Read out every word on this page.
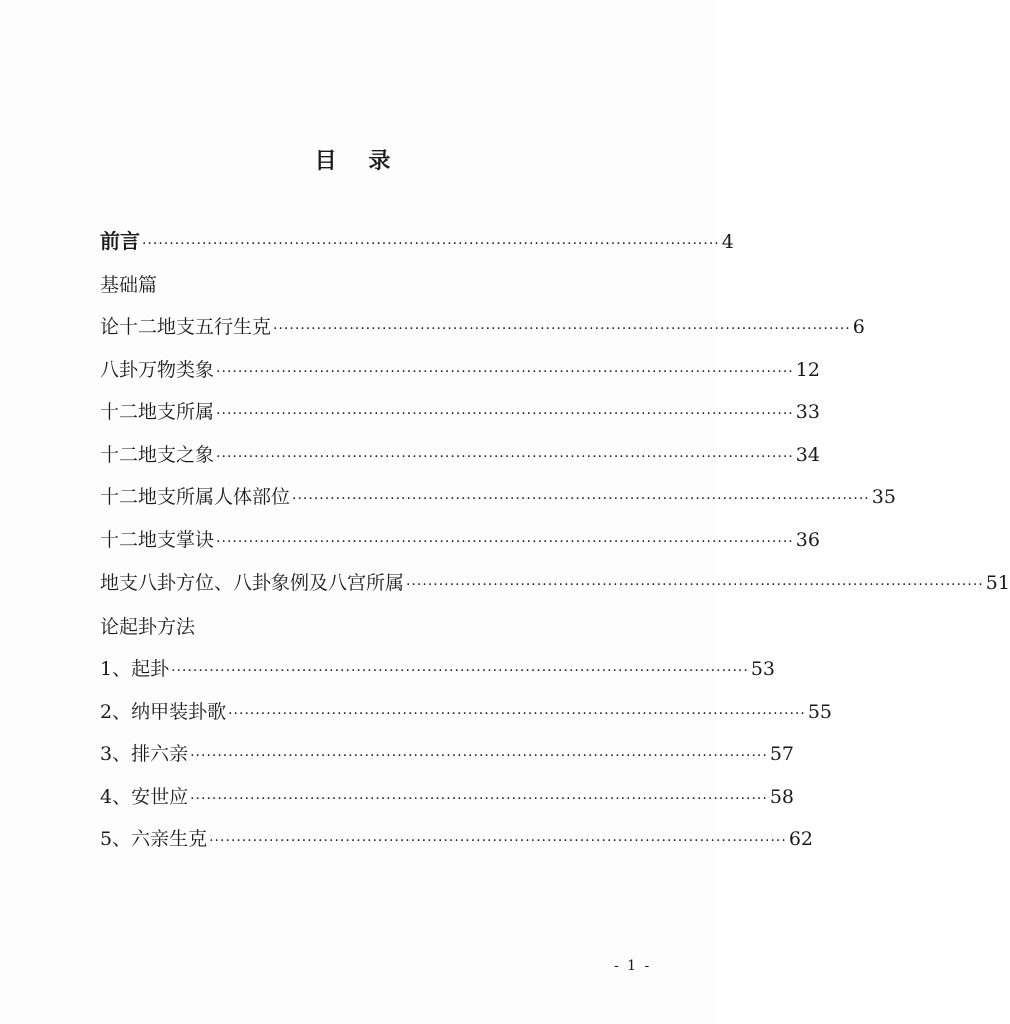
目 录
前言 ·········································································································· 4
基础篇
论十二地支五行生克 ·········································································································· 6
八卦万物类象 ·········································································································· 12
十二地支所属 ·········································································································· 33
十二地支之象 ·········································································································· 34
十二地支所属人体部位 ·········································································································· 35
十二地支掌诀 ·········································································································· 36
地支八卦方位、八卦象例及八宫所属 ·········································································································· 51
论起卦方法
1、起卦 ·········································································································· 53
2、纳甲装卦歌 ·········································································································· 55
3、排六亲 ·········································································································· 57
4、安世应 ·········································································································· 58
5、六亲生克 ·········································································································· 62
- 1 -
